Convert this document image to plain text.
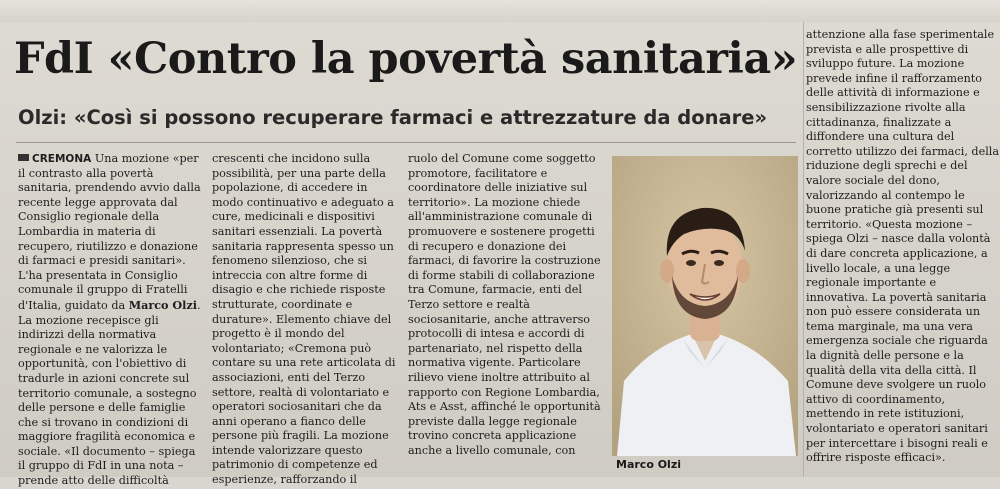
FdI «Contro la povertà sanitaria»
Olzi: «Così si possono recuperare farmaci e attrezzature da donare»

CREMONA Una mozione «per il contrasto alla povertà sanitaria, prendendo avvio dalla recente legge approvata dal Consiglio regionale della Lombardia in materia di recupero, riutilizzo e donazione di farmaci e presidi sanitari». L'ha presentata in Consiglio comunale il gruppo di Fratelli d'Italia, guidato da Marco Olzi. La mozione recepisce gli indirizzi della normativa regionale e ne valorizza le opportunità, con l'obiettivo di tradurle in azioni concrete sul territorio comunale, a sostegno delle persone e delle famiglie che si trovano in condizioni di maggiore fragilità economica e sociale. «Il documento – spiega il gruppo di FdI in una nota – prende atto delle difficoltà

crescenti che incidono sulla possibilità, per una parte della popolazione, di accedere in modo continuativo e adeguato a cure, medicinali e dispositivi sanitari essenziali. La povertà sanitaria rappresenta spesso un fenomeno silenzioso, che si intreccia con altre forme di disagio e che richiede risposte strutturate, coordinate e durature». Elemento chiave del progetto è il mondo del volontariato; «Cremona può contare su una rete articolata di associazioni, enti del Terzo settore, realtà di volontariato e operatori sociosanitari che da anni operano a fianco delle persone più fragili. La mozione intende valorizzare questo patrimonio di competenze ed esperienze, rafforzando il

ruolo del Comune come soggetto promotore, facilitatore e coordinatore delle iniziative sul territorio». La mozione chiede all'amministrazione comunale di promuovere e sostenere progetti di recupero e donazione dei farmaci, di favorire la costruzione di forme stabili di collaborazione tra Comune, farmacie, enti del Terzo settore e realtà sociosanitarie, anche attraverso protocolli di intesa e accordi di partenariato, nel rispetto della normativa vigente. Particolare rilievo viene inoltre attribuito al rapporto con Regione Lombardia, Ats e Asst, affinché le opportunità previste dalla legge regionale trovino concreta applicazione anche a livello comunale, con

Marco Olzi

attenzione alla fase sperimentale prevista e alle prospettive di sviluppo future. La mozione prevede infine il rafforzamento delle attività di informazione e sensibilizzazione rivolte alla cittadinanza, finalizzate a diffondere una cultura del corretto utilizzo dei farmaci, della riduzione degli sprechi e del valore sociale del dono, valorizzando al contempo le buone pratiche già presenti sul territorio. «Questa mozione – spiega Olzi – nasce dalla volontà di dare concreta applicazione, a livello locale, a una legge regionale importante e innovativa. La povertà sanitaria non può essere considerata un tema marginale, ma una vera emergenza sociale che riguarda la dignità delle persone e la qualità della vita della città. Il Comune deve svolgere un ruolo attivo di coordinamento, mettendo in rete istituzioni, volontariato e operatori sanitari per intercettare i bisogni reali e offrire risposte efficaci».
